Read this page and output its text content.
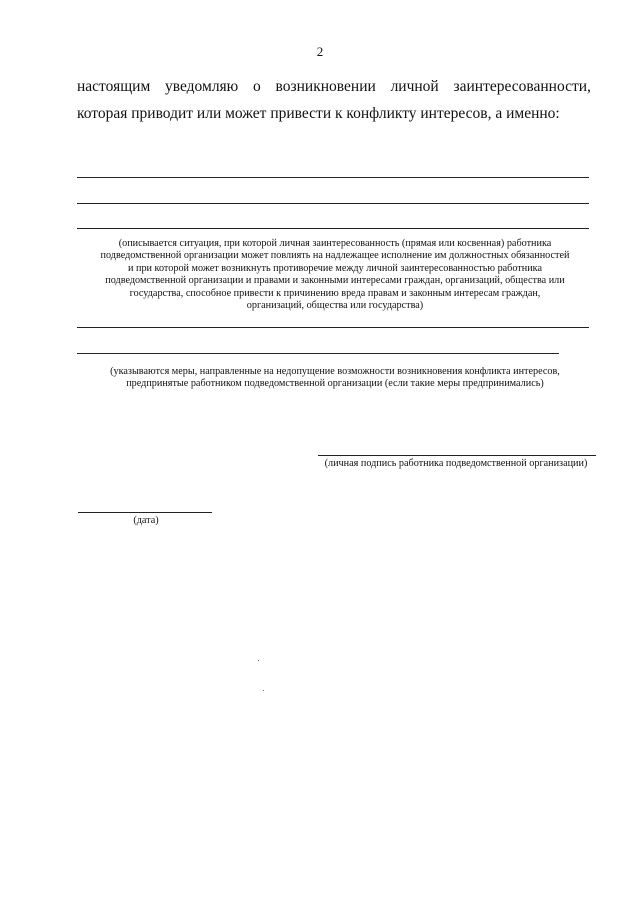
2
настоящим уведомляю о возникновении личной заинтересованности,
которая приводит или может привести к конфликту интересов, а именно:
(описывается ситуация, при которой личная заинтересованность (прямая или косвенная) работника
подведомственной организации может повлиять на надлежащее исполнение им должностных обязанностей
и при которой может возникнуть противоречие между личной заинтересованностью работника
подведомственной организации и правами и законными интересами граждан, организаций, общества или
государства, способное привести к причинению вреда правам и законным интересам граждан,
организаций, общества или государства)
(указываются меры, направленные на недопущение возможности возникновения конфликта интересов,
предпринятые работником подведомственной организации (если такие меры предпринимались)
(личная подпись работника подведомственной организации)
(дата)
